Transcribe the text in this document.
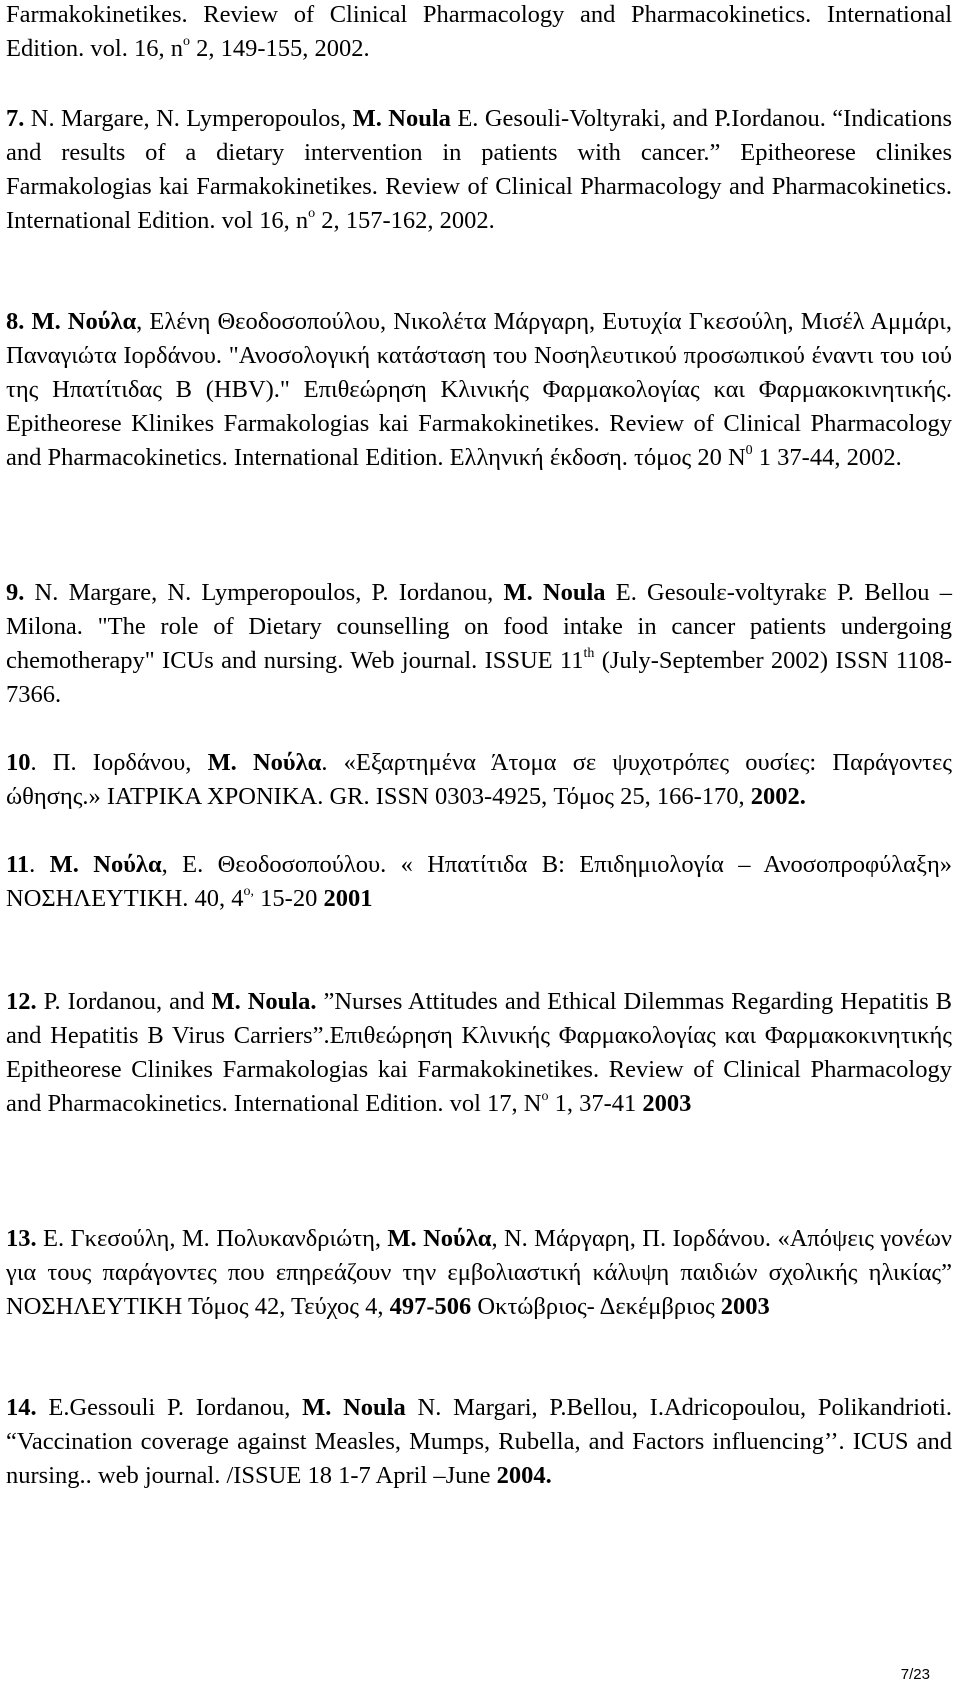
Farmakokinetikes. Review of Clinical Pharmacology and Pharmacokinetics. International Edition. vol. 16, $n^o$ 2, 149-155, 2002.

7. N. Margare, N. Lymperopoulos, M. Noula E. Gesouli-Voltyraki, and P.Iordanou. “Indications and results of a dietary intervention in patients with cancer.” Epitheorese clinikes Farmakologias kai Farmakokinetikes. Review of Clinical Pharmacology and Pharmacokinetics. International Edition. vol 16, $n^o$ 2, 157-162, 2002.

8. Μ. Νούλα, Ελένη Θεοδοσοπούλου, Νικολέτα Μάργαρη, Ευτυχία Γκεσούλη, Μισέλ Αμμάρι, Παναγιώτα Ιορδάνου. "Ανοσολογική κατάσταση του Νοσηλευτικού προσωπικού έναντι του ιού της Ηπατίτιδας Β (HBV)." Επιθεώρηση Κλινικής Φαρμακολογίας και Φαρμακοκινητικής. Epitheorese Klinikes Farmakologias kai Farmakokinetikes. Review of Clinical Pharmacology and Pharmacokinetics. International Edition. Ελληνική έκδοση. τόμος 20 $N^0$ 1 37-44, 2002.

9. N. Margare, N. Lymperopoulos, P. Iordanou, M. Noula E. Gesoulε-voltyrakε P. Bellou –Milona. "The role of Dietary counselling on food intake in cancer patients undergoing chemotherapy" ICUs and nursing. Web journal. ISSUE 11th (July-September 2002) ISSN 1108-7366.

10. Π. Ιορδάνου, Μ. Νούλα. «Εξαρτημένα Άτομα σε ψυχοτρόπες ουσίες: Παράγοντες ώθησης.» ΙΑΤΡΙΚΑ ΧΡΟΝΙΚΑ. GR. ISSN 0303-4925, Τόμος 25, 166-170, 2002.

11. Μ. Νούλα, Ε. Θεοδοσοπούλου. « Ηπατίτιδα Β: Επιδημιολογία – Ανοσοπροφύλαξη» ΝΟΣΗΛΕΥΤΙΚΗ. 40, $4^{o,}$ 15-20 2001

12. P. Iordanou, and M. Noula. ”Nurses Attitudes and Ethical Dilemmas Regarding Hepatitis B and Hepatitis B Virus Carriers”.Επιθεώρηση Κλινικής Φαρμακολογίας και Φαρμακοκινητικής Epitheorese Clinikes Farmakologias kai Farmakokinetikes. Review of Clinical Pharmacology and Pharmacokinetics. International Edition. vol 17, $N^o$ 1, 37-41 2003

13. Ε. Γκεσούλη, Μ. Πολυκανδριώτη, Μ. Νούλα, Ν. Μάργαρη, Π. Ιορδάνου. «Απόψεις γονέων για τους παράγοντες που επηρεάζουν την εμβολιαστική κάλυψη παιδιών σχολικής ηλικίας” ΝΟΣΗΛΕΥΤΙΚΗ Τόμος 42, Τεύχος 4, 497-506 Οκτώβριος- Δεκέμβριος 2003

14. E.Gessouli P. Iordanou, M. Noula N. Margari, P.Bellou, I.Adricopoulou, Polikandrioti. “Vaccination coverage against Measles, Mumps, Rubella, and Factors influencing’’. ICUS and nursing.. web journal. /ISSUE 18 1-7 April –June 2004.

7/23
